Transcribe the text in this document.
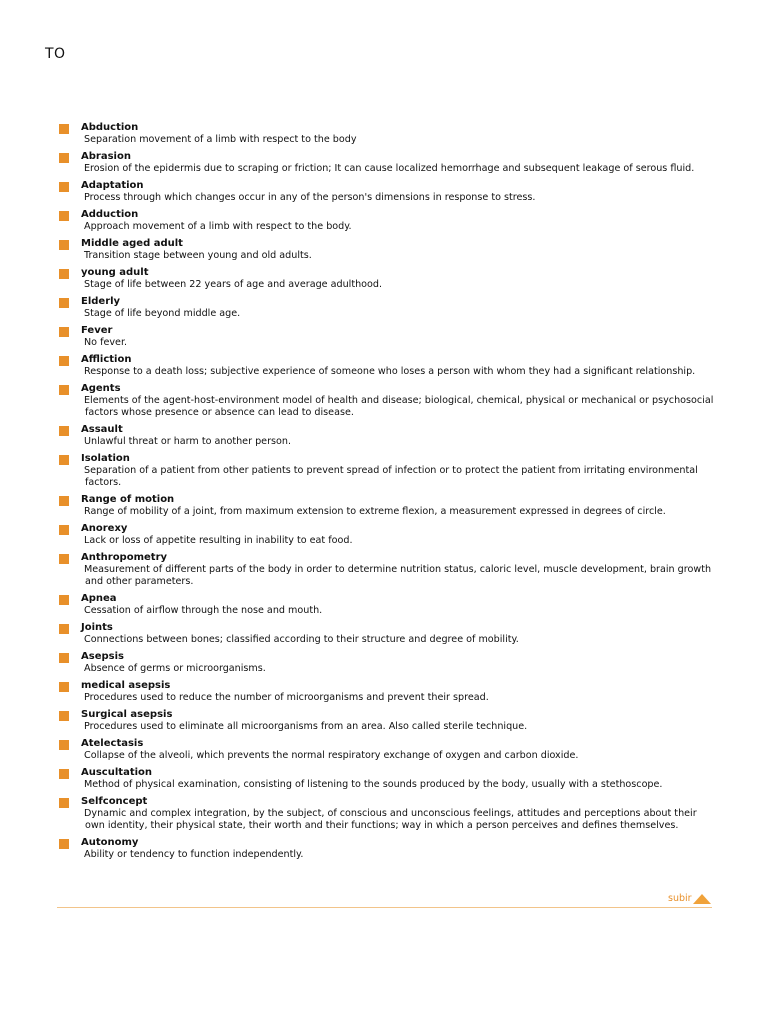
TO
Abduction
Separation movement of a limb with respect to the body
Abrasion
Erosion of the epidermis due to scraping or friction; It can cause localized hemorrhage and subsequent leakage of serous fluid.
Adaptation
Process through which changes occur in any of the person's dimensions in response to stress.
Adduction
Approach movement of a limb with respect to the body.
Middle aged adult
Transition stage between young and old adults.
young adult
Stage of life between 22 years of age and average adulthood.
Elderly
Stage of life beyond middle age.
Fever
No fever.
Affliction
Response to a death loss; subjective experience of someone who loses a person with whom they had a significant relationship.
Agents
Elements of the agent-host-environment model of health and disease; biological, chemical, physical or mechanical or psychosocial factors whose presence or absence can lead to disease.
Assault
Unlawful threat or harm to another person.
Isolation
Separation of a patient from other patients to prevent spread of infection or to protect the patient from irritating environmental factors.
Range of motion
Range of mobility of a joint, from maximum extension to extreme flexion, a measurement expressed in degrees of circle.
Anorexy
Lack or loss of appetite resulting in inability to eat food.
Anthropometry
Measurement of different parts of the body in order to determine nutrition status, caloric level, muscle development, brain growth and other parameters.
Apnea
Cessation of airflow through the nose and mouth.
Joints
Connections between bones; classified according to their structure and degree of mobility.
Asepsis
Absence of germs or microorganisms.
medical asepsis
Procedures used to reduce the number of microorganisms and prevent their spread.
Surgical asepsis
Procedures used to eliminate all microorganisms from an area. Also called sterile technique.
Atelectasis
Collapse of the alveoli, which prevents the normal respiratory exchange of oxygen and carbon dioxide.
Auscultation
Method of physical examination, consisting of listening to the sounds produced by the body, usually with a stethoscope.
Selfconcept
Dynamic and complex integration, by the subject, of conscious and unconscious feelings, attitudes and perceptions about their own identity, their physical state, their worth and their functions; way in which a person perceives and defines themselves.
Autonomy
Ability or tendency to function independently.
subir
